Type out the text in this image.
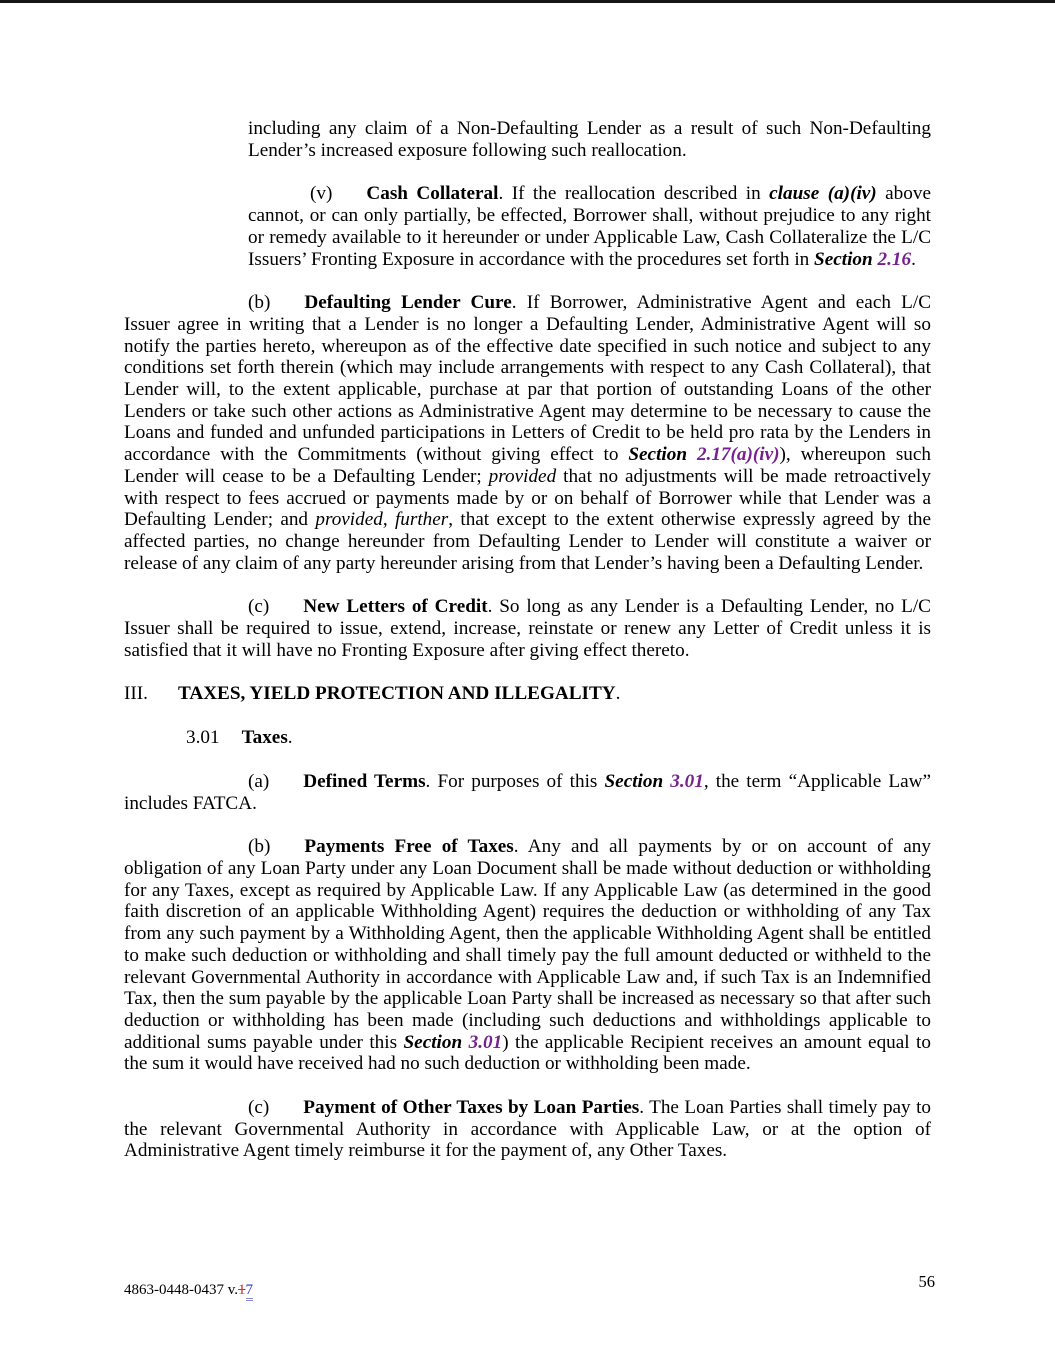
including any claim of a Non-Defaulting Lender as a result of such Non-Defaulting Lender’s increased exposure following such reallocation.

(v) Cash Collateral. If the reallocation described in clause (a)(iv) above cannot, or can only partially, be effected, Borrower shall, without prejudice to any right or remedy available to it hereunder or under Applicable Law, Cash Collateralize the L/C Issuers’ Fronting Exposure in accordance with the procedures set forth in Section 2.16.

(b) Defaulting Lender Cure. If Borrower, Administrative Agent and each L/C Issuer agree in writing that a Lender is no longer a Defaulting Lender, Administrative Agent will so notify the parties hereto, whereupon as of the effective date specified in such notice and subject to any conditions set forth therein (which may include arrangements with respect to any Cash Collateral), that Lender will, to the extent applicable, purchase at par that portion of outstanding Loans of the other Lenders or take such other actions as Administrative Agent may determine to be necessary to cause the Loans and funded and unfunded participations in Letters of Credit to be held pro rata by the Lenders in accordance with the Commitments (without giving effect to Section 2.17(a)(iv)), whereupon such Lender will cease to be a Defaulting Lender; provided that no adjustments will be made retroactively with respect to fees accrued or payments made by or on behalf of Borrower while that Lender was a Defaulting Lender; and provided, further, that except to the extent otherwise expressly agreed by the affected parties, no change hereunder from Defaulting Lender to Lender will constitute a waiver or release of any claim of any party hereunder arising from that Lender’s having been a Defaulting Lender.

(c) New Letters of Credit. So long as any Lender is a Defaulting Lender, no L/C Issuer shall be required to issue, extend, increase, reinstate or renew any Letter of Credit unless it is satisfied that it will have no Fronting Exposure after giving effect thereto.

III. TAXES, YIELD PROTECTION AND ILLEGALITY.

3.01 Taxes.

(a) Defined Terms. For purposes of this Section 3.01, the term “Applicable Law” includes FATCA.

(b) Payments Free of Taxes. Any and all payments by or on account of any obligation of any Loan Party under any Loan Document shall be made without deduction or withholding for any Taxes, except as required by Applicable Law. If any Applicable Law (as determined in the good faith discretion of an applicable Withholding Agent) requires the deduction or withholding of any Tax from any such payment by a Withholding Agent, then the applicable Withholding Agent shall be entitled to make such deduction or withholding and shall timely pay the full amount deducted or withheld to the relevant Governmental Authority in accordance with Applicable Law and, if such Tax is an Indemnified Tax, then the sum payable by the applicable Loan Party shall be increased as necessary so that after such deduction or withholding has been made (including such deductions and withholdings applicable to additional sums payable under this Section 3.01) the applicable Recipient receives an amount equal to the sum it would have received had no such deduction or withholding been made.

(c) Payment of Other Taxes by Loan Parties. The Loan Parties shall timely pay to the relevant Governmental Authority in accordance with Applicable Law, or at the option of Administrative Agent timely reimburse it for the payment of, any Other Taxes.

4863-0448-0437 v.17	56
